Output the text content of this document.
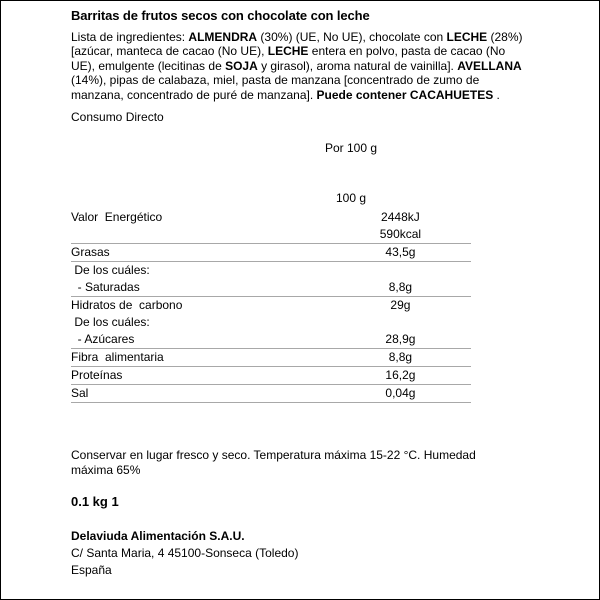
Barritas de frutos secos con chocolate con leche
Lista de ingredientes: ALMENDRA (30%) (UE, No UE), chocolate con LECHE (28%) [azúcar, manteca de cacao (No UE), LECHE entera en polvo, pasta de cacao (No UE), emulgente (lecitinas de SOJA y girasol), aroma natural de vainilla]. AVELLANA (14%), pipas de calabaza, miel, pasta de manzana [concentrado de zumo de manzana, concentrado de puré de manzana]. Puede contener CACAHUETES .
Consumo Directo
Por 100 g
100 g
Valor  Energético	2448kJ
	590kcal
Grasas	43,5g
De los cuáles:	
- Saturadas	8,8g
Hidratos de  carbono	29g
De los cuáles:	
- Azúcares	28,9g
Fibra  alimentaria	8,8g
Proteínas	16,2g
Sal	0,04g
Conservar en lugar fresco y seco. Temperatura máxima 15-22 °C. Humedad máxima 65%
0.1 kg 1
Delaviuda Alimentación S.A.U.
C/ Santa Maria, 4 45100-Sonseca (Toledo)
España
